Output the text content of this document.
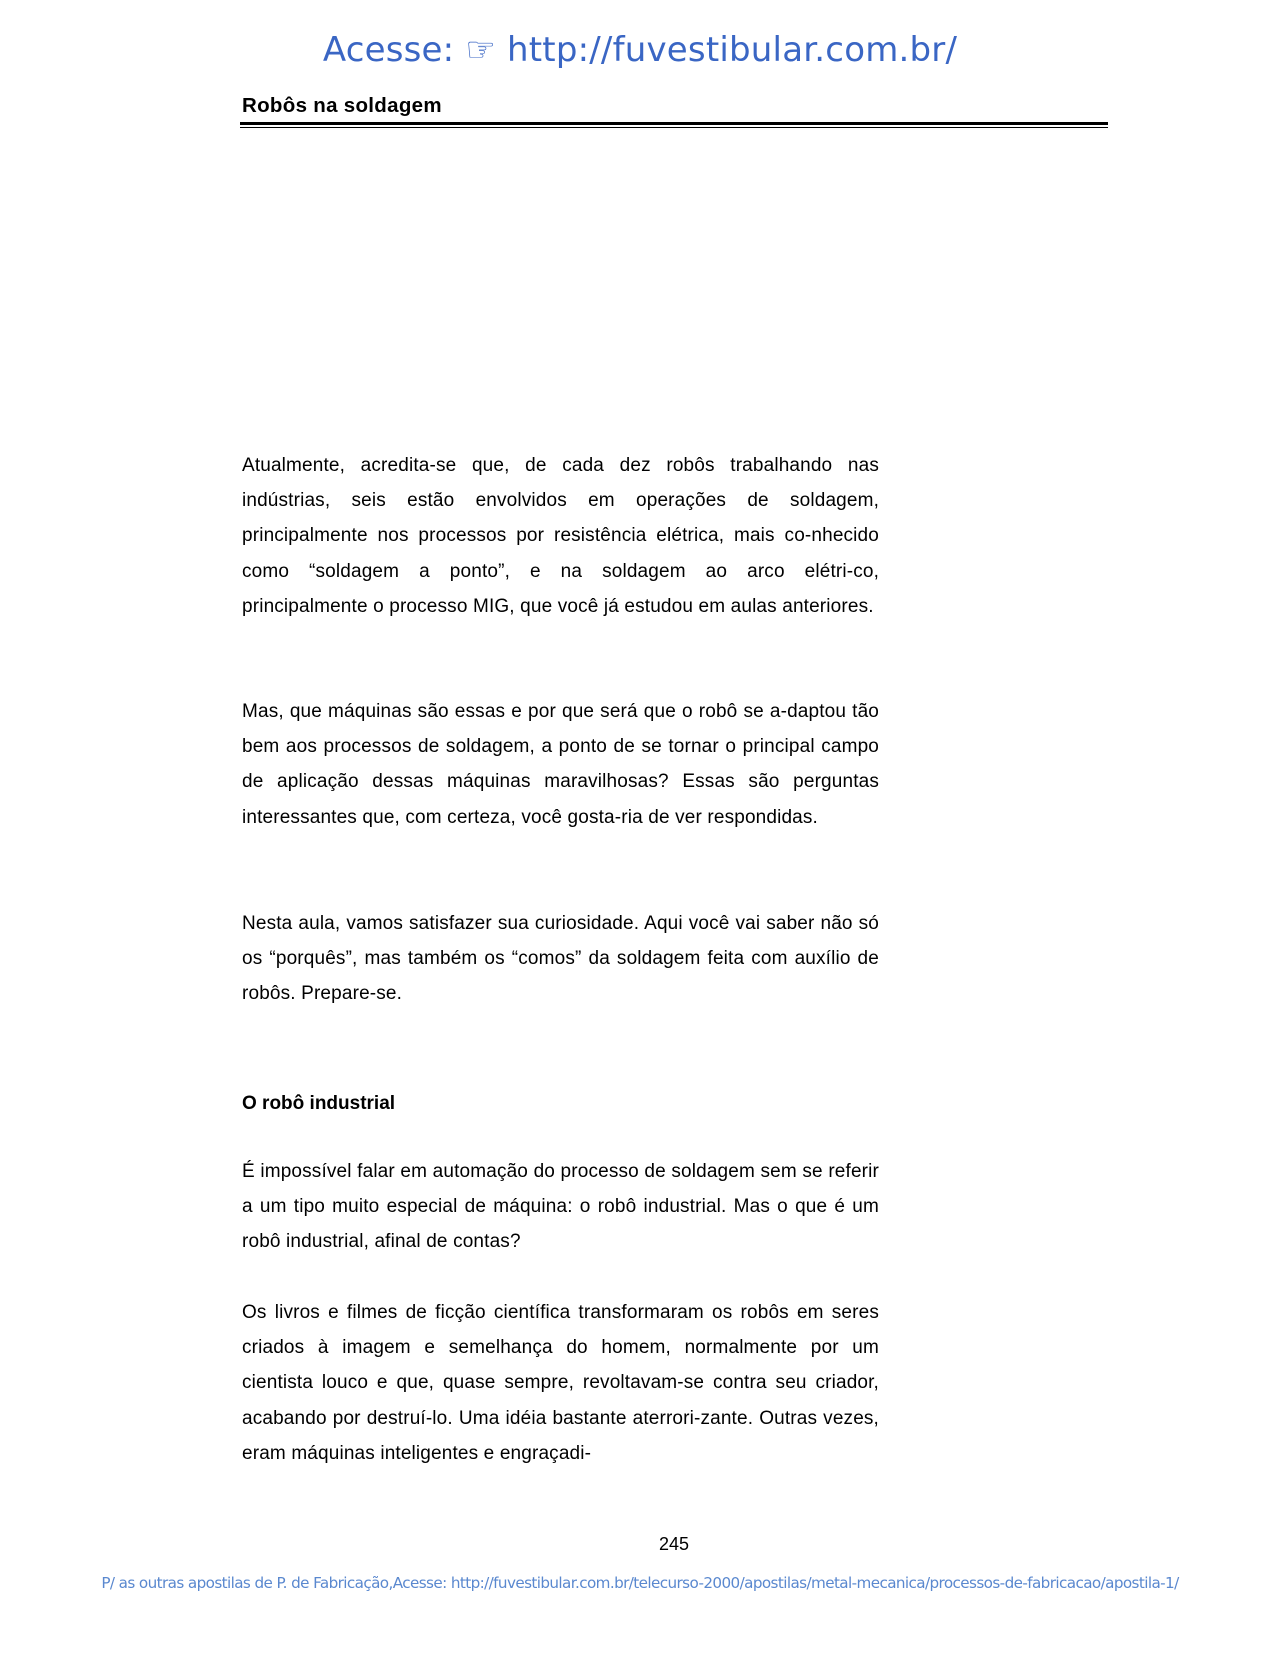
Acesse: ☞ http://fuvestibular.com.br/
Robôs na soldagem

Atualmente, acredita-se que, de cada dez robôs trabalhando nas indústrias, seis estão envolvidos em operações de soldagem, principalmente nos processos por resistência elétrica, mais co-nhecido como “soldagem a ponto”, e na soldagem ao arco elétri-co, principalmente o processo MIG, que você já estudou em aulas anteriores.

Mas, que máquinas são essas e por que será que o robô se a-daptou tão bem aos processos de soldagem, a ponto de se tornar o principal campo de aplicação dessas máquinas maravilhosas? Essas são perguntas interessantes que, com certeza, você gosta-ria de ver respondidas.

Nesta aula, vamos satisfazer sua curiosidade. Aqui você vai saber não só os “porquês”, mas também os “comos” da soldagem feita com auxílio de robôs. Prepare-se.

O robô industrial

É impossível falar em automação do processo de soldagem sem se referir a um tipo muito especial de máquina: o robô industrial. Mas o que é um robô industrial, afinal de contas?

Os livros e filmes de ficção científica transformaram os robôs em seres criados à imagem e semelhança do homem, normalmente por um cientista louco e que, quase sempre, revoltavam-se contra seu criador, acabando por destruí-lo. Uma idéia bastante aterrori-zante. Outras vezes, eram máquinas inteligentes e engraçadi-

245
P/ as outras apostilas de P. de Fabricação,Acesse: http://fuvestibular.com.br/telecurso-2000/apostilas/metal-mecanica/processos-de-fabricacao/apostila-1/
